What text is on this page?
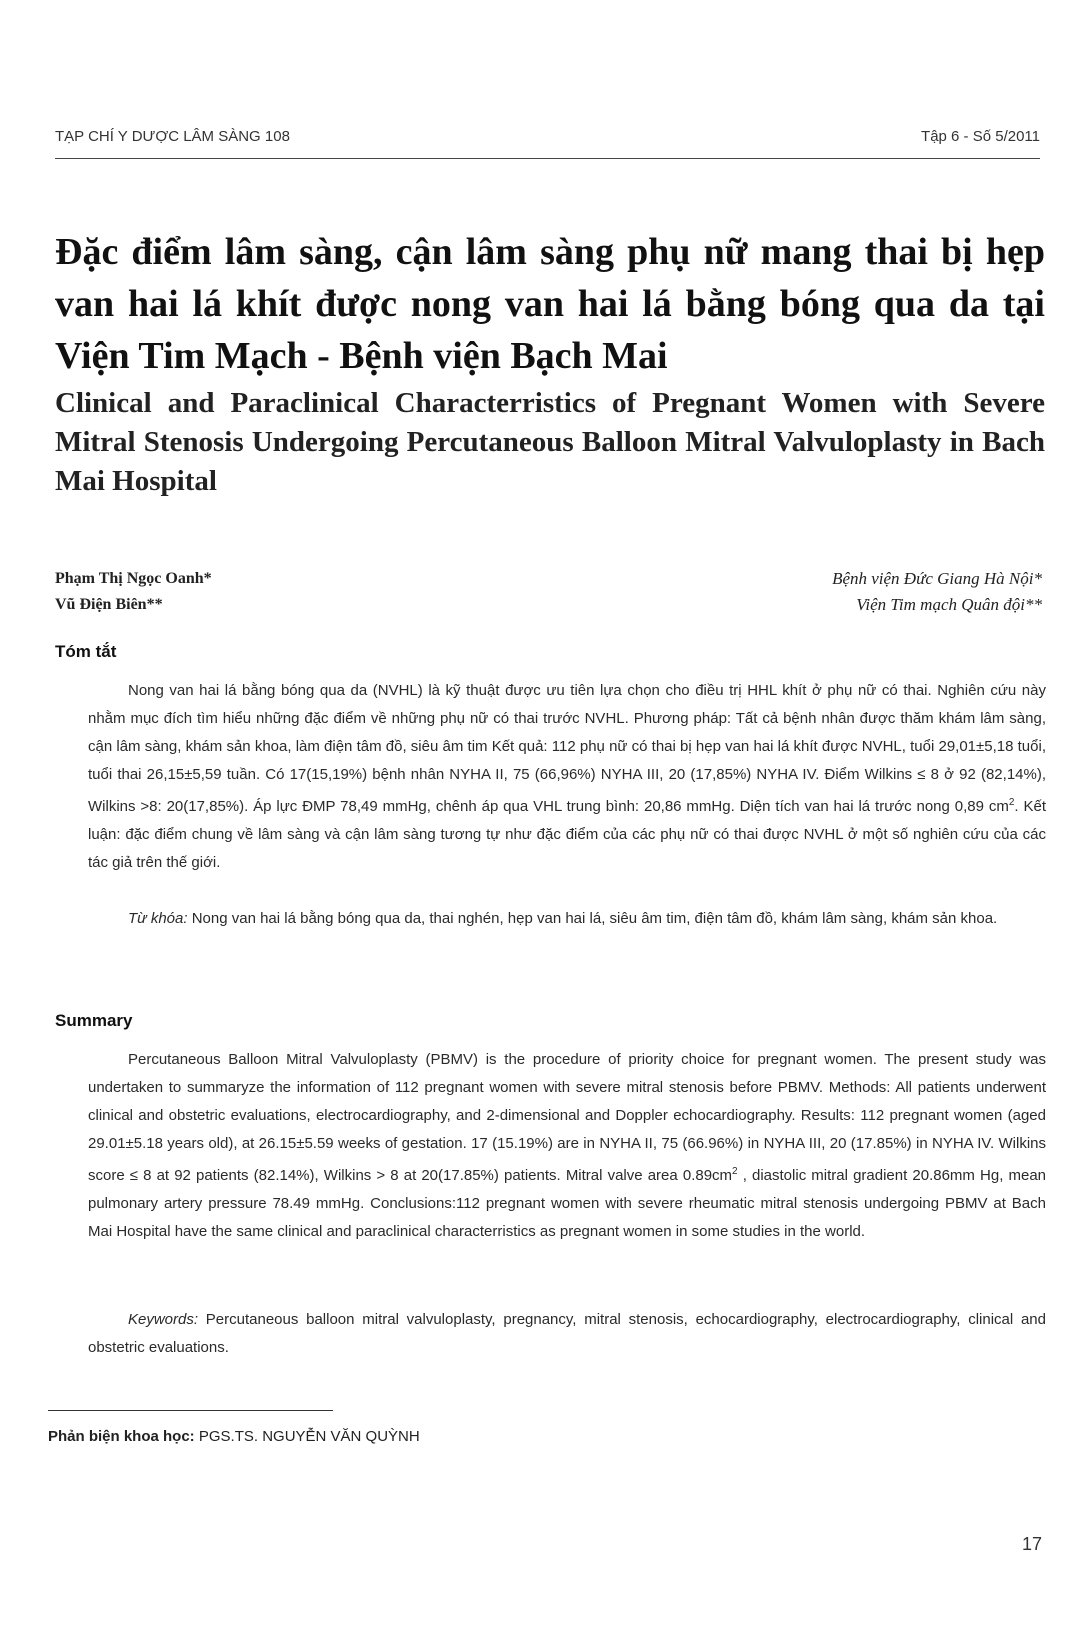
TẠP CHÍ Y DƯỢC LÂM SÀNG 108	Tập 6 - Số 5/2011
Đặc điểm lâm sàng, cận lâm sàng phụ nữ mang thai bị hẹp van hai lá khít được nong van hai lá bằng bóng qua da tại Viện Tim Mạch - Bệnh viện Bạch Mai
Clinical and Paraclinical Characterristics of Pregnant Women with Severe Mitral Stenosis Undergoing Percutaneous Balloon Mitral Valvuloplasty in Bach Mai Hospital
Phạm Thị Ngọc Oanh*
Vũ Điện Biên**
Bệnh viện Đức Giang Hà Nội*
Viện Tim mạch Quân đội**
Tóm tắt

Nong van hai lá bằng bóng qua da (NVHL) là kỹ thuật được ưu tiên lựa chọn cho điều trị HHL khít ở phụ nữ có thai. Nghiên cứu này nhằm mục đích tìm hiểu những đặc điểm về những phụ nữ có thai trước NVHL. Phương pháp: Tất cả bệnh nhân được thăm khám lâm sàng, cận lâm sàng, khám sản khoa, làm điện tâm đồ, siêu âm tim Kết quả: 112 phụ nữ có thai bị hẹp van hai lá khít được NVHL, tuổi 29,01±5,18 tuổi, tuổi thai 26,15±5,59 tuần. Có 17(15,19%) bệnh nhân NYHA II, 75 (66,96%) NYHA III, 20 (17,85%) NYHA IV. Điểm Wilkins ≤ 8 ở 92 (82,14%), Wilkins >8: 20(17,85%). Áp lực ĐMP 78,49 mmHg, chênh áp qua VHL trung bình: 20,86 mmHg. Diện tích van hai lá trước nong 0,89 $cm^2$. Kết luận: đặc điểm chung về lâm sàng và cận lâm sàng tương tự như đặc điểm của các phụ nữ có thai được NVHL ở một số nghiên cứu của các tác giả trên thế giới.

Từ khóa: Nong van hai lá bằng bóng qua da, thai nghén, hẹp van hai lá, siêu âm tim, điện tâm đồ, khám lâm sàng, khám sản khoa.

Summary

Percutaneous Balloon Mitral Valvuloplasty (PBMV) is the procedure of priority choice for pregnant women. The present study was undertaken to summaryze the information of 112 pregnant women with severe mitral stenosis before PBMV. Methods: All patients underwent clinical and obstetric evaluations, electrocardiography, and 2-dimensional and Doppler echocardiography. Results: 112 pregnant women (aged 29.01±5.18 years old), at 26.15±5.59 weeks of gestation. 17 (15.19%) are in NYHA II, 75 (66.96%) in NYHA III, 20 (17.85%) in NYHA IV. Wilkins score ≤ 8 at 92 patients (82.14%), Wilkins > 8 at 20(17.85%) patients. Mitral valve area $0.89cm^2$ , diastolic mitral gradient 20.86mm Hg, mean pulmonary artery pressure 78.49 mmHg. Conclusions:112 pregnant women with severe rheumatic mitral stenosis undergoing PBMV at Bach Mai Hospital have the same clinical and paraclinical characterristics as pregnant women in some studies in the world.

Keywords: Percutaneous balloon mitral valvuloplasty, pregnancy, mitral stenosis, echocardiography, electrocardiography, clinical and obstetric evaluations.

Phản biện khoa học: PGS.TS. NGUYỄN VĂN QUỲNH
17
